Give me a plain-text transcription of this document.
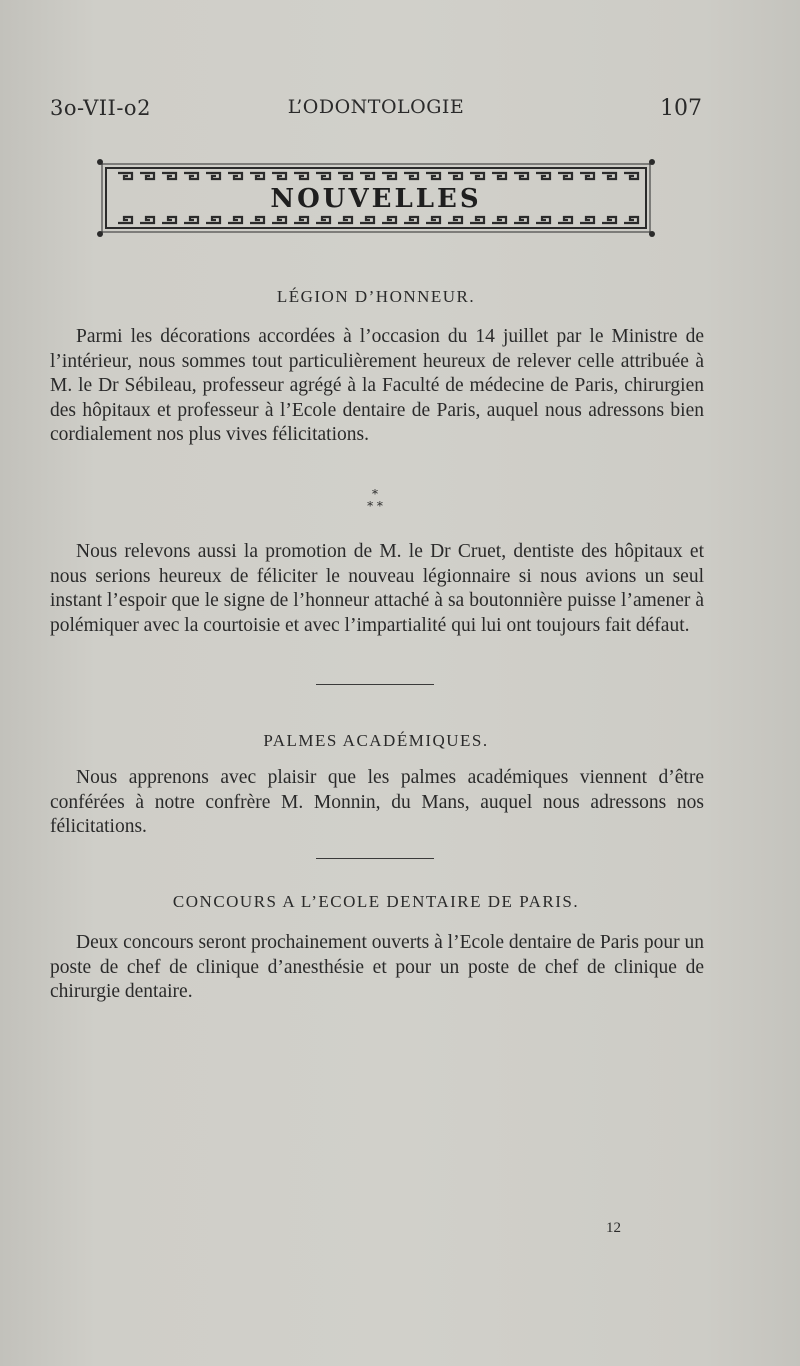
3o-VII-o2	L’ODONTOLOGIE	107
NOUVELLES
LÉGION D’HONNEUR.

Parmi les décorations accordées à l’occasion du 14 juillet par le Ministre de l’intérieur, nous sommes tout particulièrement heureux de relever celle attribuée à M. le Dr Sébileau, professeur agrégé à la Faculté de médecine de Paris, chirurgien des hôpitaux et professeur à l’Ecole dentaire de Paris, auquel nous adressons bien cordialement nos plus vives félicitations.

*
* *

Nous relevons aussi la promotion de M. le Dr Cruet, dentiste des hôpitaux et nous serions heureux de féliciter le nouveau légionnaire si nous avions un seul instant l’espoir que le signe de l’honneur attaché à sa boutonnière puisse l’amener à polémiquer avec la courtoisie et avec l’impartialité qui lui ont toujours fait défaut.

PALMES ACADÉMIQUES.

Nous apprenons avec plaisir que les palmes académiques viennent d’être conférées à notre confrère M. Monnin, du Mans, auquel nous adressons nos félicitations.

CONCOURS A L’ECOLE DENTAIRE DE PARIS.

Deux concours seront prochainement ouverts à l’Ecole dentaire de Paris pour un poste de chef de clinique d’anesthésie et pour un poste de chef de clinique de chirurgie dentaire.

12
